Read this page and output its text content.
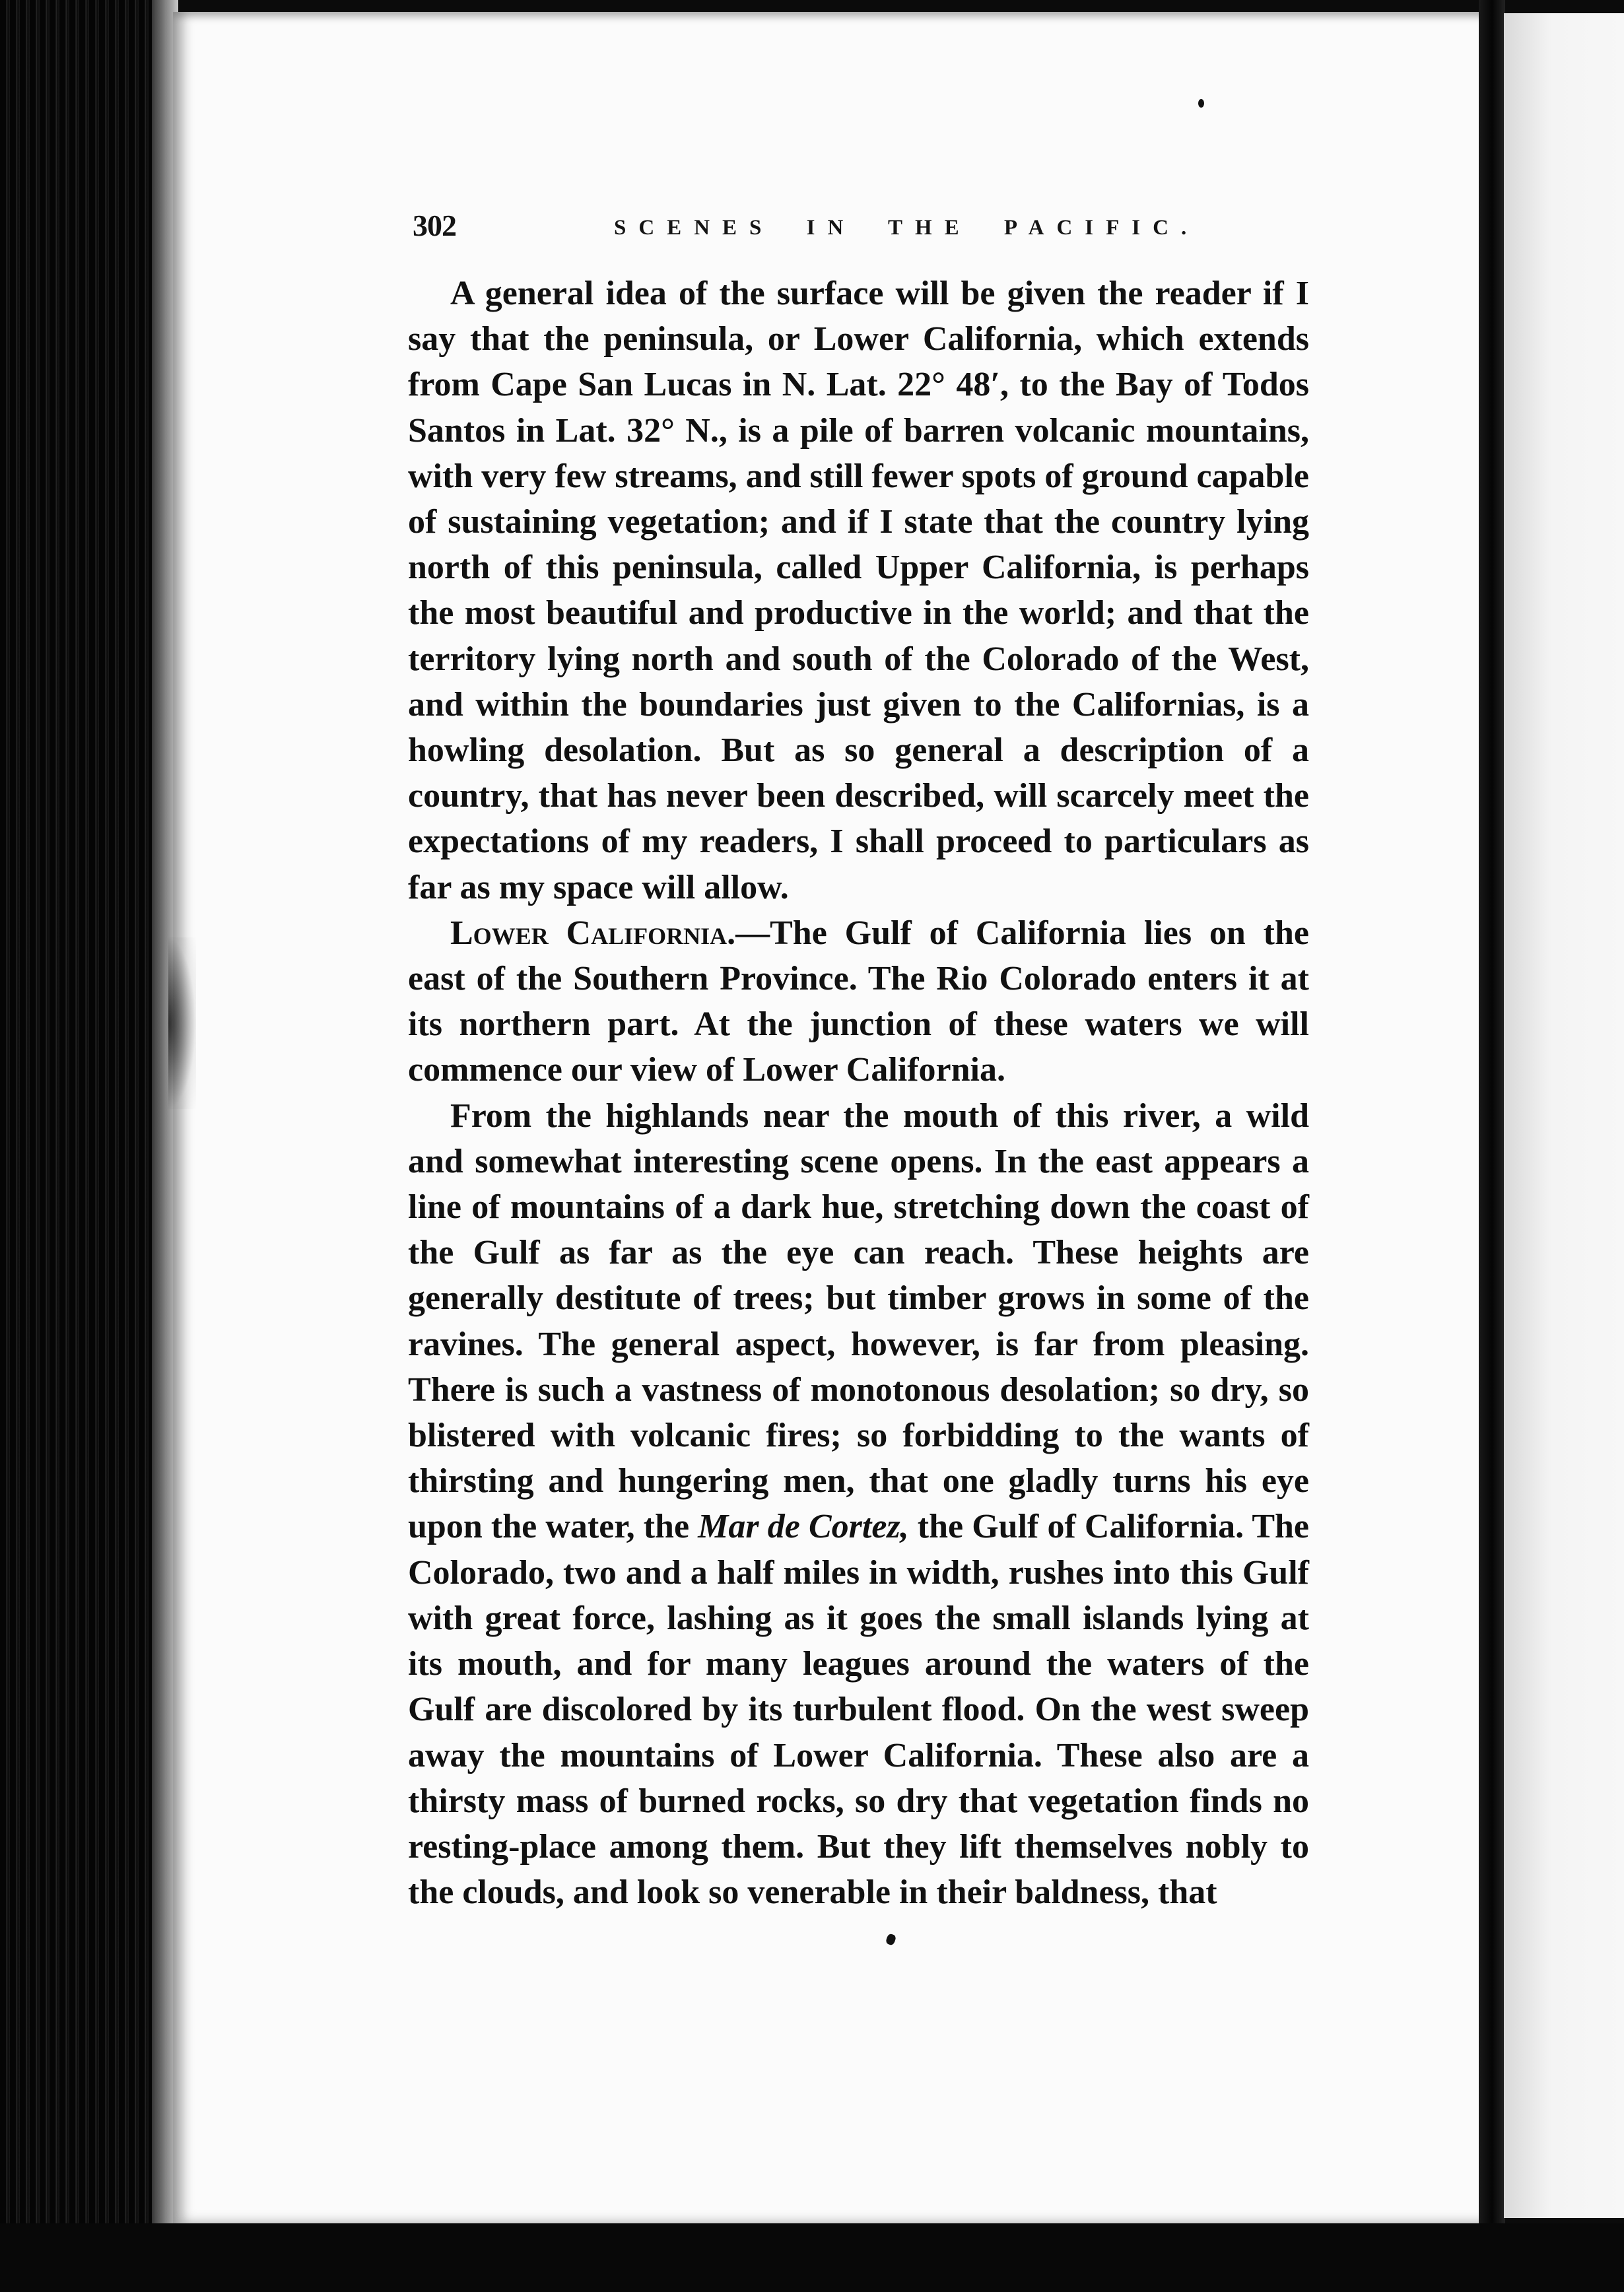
302	SCENES IN THE PACIFIC.

A general idea of the surface will be given the reader if I say that the peninsula, or Lower California, which extends from Cape San Lucas in N. Lat. 22° 48′, to the Bay of Todos Santos in Lat. 32° N., is a pile of barren volcanic mountains, with very few streams, and still fewer spots of ground capable of sustaining vegetation; and if I state that the country lying north of this peninsula, called Upper California, is perhaps the most beautiful and productive in the world; and that the territory lying north and south of the Colorado of the West, and within the boundaries just given to the Californias, is a howling desolation. But as so general a description of a country, that has never been described, will scarcely meet the expectations of my readers, I shall proceed to particulars as far as my space will allow.

Lower California.—The Gulf of California lies on the east of the Southern Province. The Rio Colorado enters it at its northern part. At the junction of these waters we will commence our view of Lower California.

From the highlands near the mouth of this river, a wild and somewhat interesting scene opens. In the east appears a line of mountains of a dark hue, stretching down the coast of the Gulf as far as the eye can reach. These heights are generally destitute of trees; but timber grows in some of the ravines. The general aspect, however, is far from pleasing. There is such a vastness of monotonous desolation; so dry, so blistered with volcanic fires; so forbidding to the wants of thirsting and hungering men, that one gladly turns his eye upon the water, the Mar de Cortez, the Gulf of California. The Colorado, two and a half miles in width, rushes into this Gulf with great force, lashing as it goes the small islands lying at its mouth, and for many leagues around the waters of the Gulf are discolored by its turbulent flood. On the west sweep away the mountains of Lower California. These also are a thirsty mass of burned rocks, so dry that vegetation finds no resting-place among them. But they lift themselves nobly to the clouds, and look so venerable in their baldness, that
